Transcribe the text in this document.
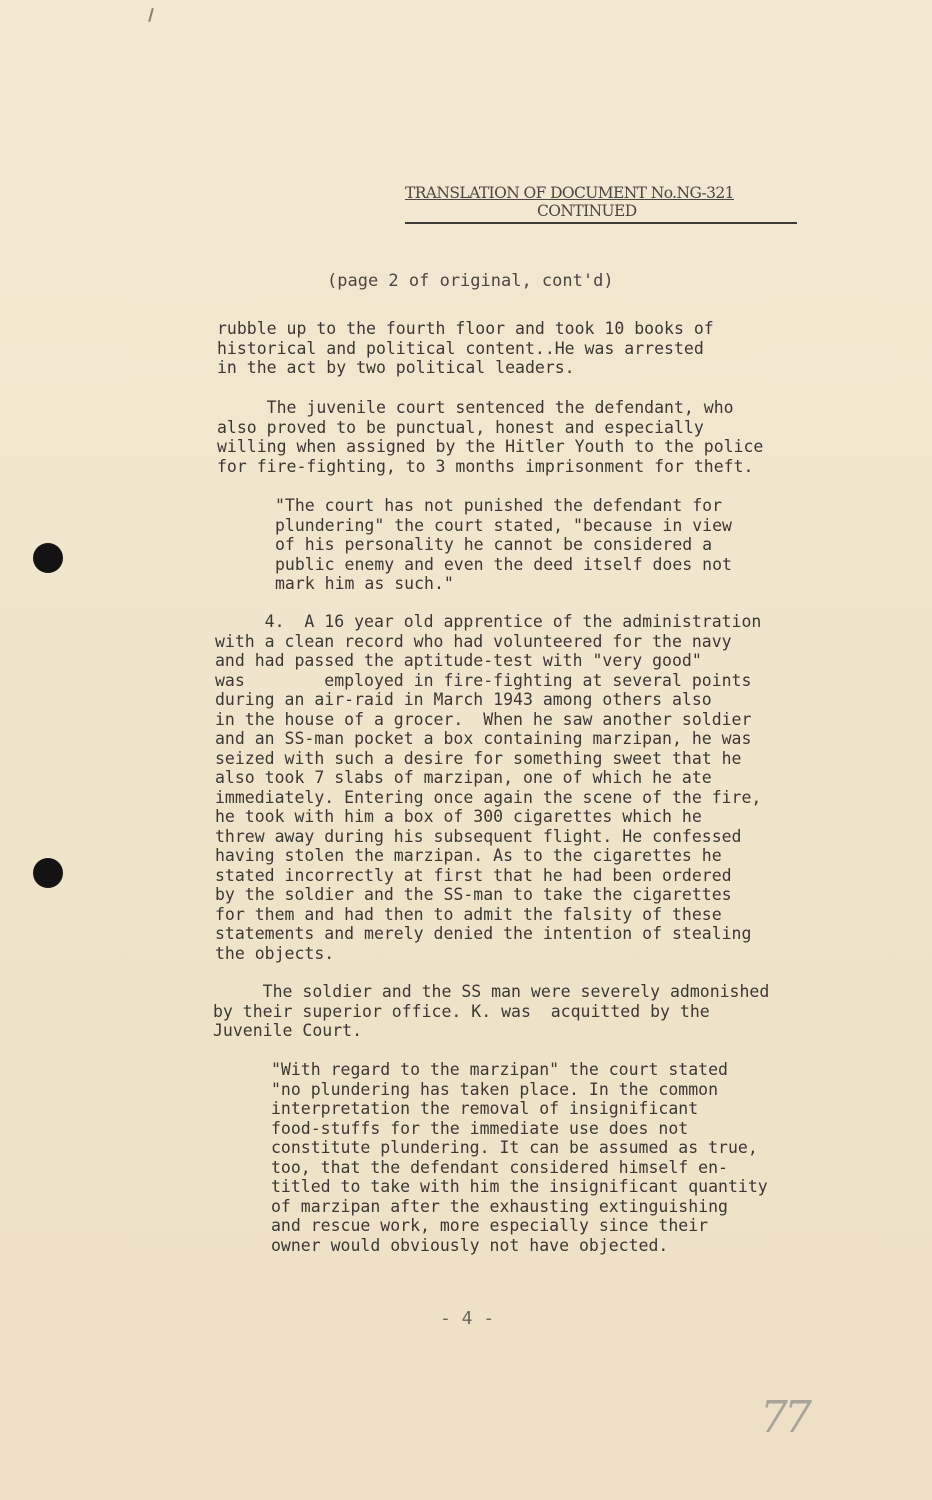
TRANSLATION OF DOCUMENT No.NG-321
CONTINUED
(page 2 of original, cont'd)

rubble up to the fourth floor and took 10 books of
historical and political content..He was arrested
in the act by two political leaders.

The juvenile court sentenced the defendant, who
also proved to be punctual, honest and especially
willing when assigned by the Hitler Youth to the police
for fire-fighting, to 3 months imprisonment for theft.

"The court has not punished the defendant for
plundering" the court stated, "because in view
of his personality he cannot be considered a
public enemy and even the deed itself does not
mark him as such."

4.  A 16 year old apprentice of the administration
with a clean record who had volunteered for the navy
and had passed the aptitude-test with "very good"
was        employed in fire-fighting at several points
during an air-raid in March 1943 among others also
in the house of a grocer.  When he saw another soldier
and an SS-man pocket a box containing marzipan, he was
seized with such a desire for something sweet that he
also took 7 slabs of marzipan, one of which he ate
immediately. Entering once again the scene of the fire,
he took with him a box of 300 cigarettes which he
threw away during his subsequent flight. He confessed
having stolen the marzipan. As to the cigarettes he
stated incorrectly at first that he had been ordered
by the soldier and the SS-man to take the cigarettes
for them and had then to admit the falsity of these
statements and merely denied the intention of stealing
the objects.

The soldier and the SS man were severely admonished
by their superior office. K. was  acquitted by the
Juvenile Court.

"With regard to the marzipan" the court stated
"no plundering has taken place. In the common
interpretation the removal of insignificant
food-stuffs for the immediate use does not
constitute plundering. It can be assumed as true,
too, that the defendant considered himself en-
titled to take with him the insignificant quantity
of marzipan after the exhausting extinguishing
and rescue work, more especially since their
owner would obviously not have objected.

- 4 -
77
